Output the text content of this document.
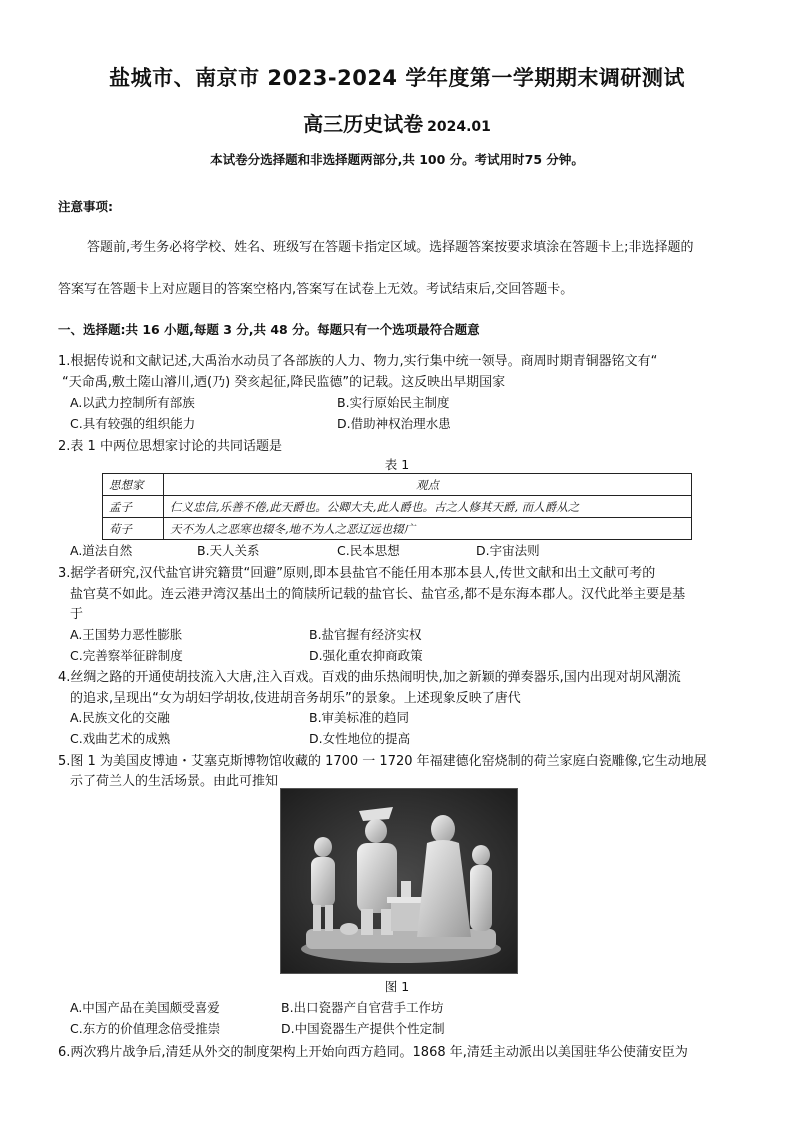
盐城市、南京市 2023-2024 学年度第一学期期末调研测试
高三历史试卷 2024.01
本试卷分选择题和非选择题两部分,共 100 分。考试用时75 分钟。
注意事项:
答题前,考生务必将学校、姓名、班级写在答题卡指定区域。选择题答案按要求填涂在答题卡上;非选择题的
答案写在答题卡上对应题目的答案空格内,答案写在试卷上无效。考试结束后,交回答题卡。
一、选择题:共 16 小题,每题 3 分,共 48 分。每题只有一个选项最符合题意
1.根据传说和文献记述,大禹治水动员了各部族的人力、物力,实行集中统一领导。商周时期青铜器铭文有“
“天命禹,敷土隓山濬川,迺(乃) 癸亥起征,降民监德”的记载。这反映出早期国家
A.以武力控制所有部族	B.实行原始民主制度
C.具有较强的组织能力	D.借助神权治理水患
2.表 1 中两位思想家讨论的共同话题是
表 1
思想家	观点
孟子	仁义忠信,乐善不倦,此天爵也。公卿大夫,此人爵也。古之人修其天爵, 而人爵从之
荀子	天不为人之恶寒也辍冬,地不为人之恶辽远也辍广
A.道法自然	B.天人关系	C.民本思想	D.宇宙法则
3.据学者研究,汉代盐官讲究籍贯“回避”原则,即本县盐官不能任用本那本县人,传世文献和出土文献可考的
盐官莫不如此。连云港尹湾汉基出土的简牍所记载的盐官长、盐官丞,都不是东海本郡人。汉代此举主要是基
于
A.王国势力恶性膨胀	B.盐官握有经济实权
C.完善察举征辟制度	D.强化重农抑商政策
4.丝绸之路的开通使胡技流入大唐,注入百戏。百戏的曲乐热闹明快,加之新颖的弹奏器乐,国内出现对胡风潮流
的追求,呈现出“女为胡妇学胡妆,伎进胡音务胡乐”的景象。上述现象反映了唐代
A.民族文化的交融	B.审美标准的趋同
C.戏曲艺术的成熟	D.女性地位的提高
5.图 1 为美国皮博迪・艾塞克斯博物馆收藏的 1700 一 1720 年福建德化窑烧制的荷兰家庭白瓷雕像,它生动地展
示了荷兰人的生活场景。由此可推知
图 1
A.中国产品在美国颇受喜爱	B.出口瓷器产自官营手工作坊
C.东方的价值理念倍受推崇	D.中国瓷器生产提供个性定制
6.两次鸦片战争后,清廷从外交的制度架构上开始向西方趋同。1868 年,清廷主动派出以美国驻华公使蒲安臣为
